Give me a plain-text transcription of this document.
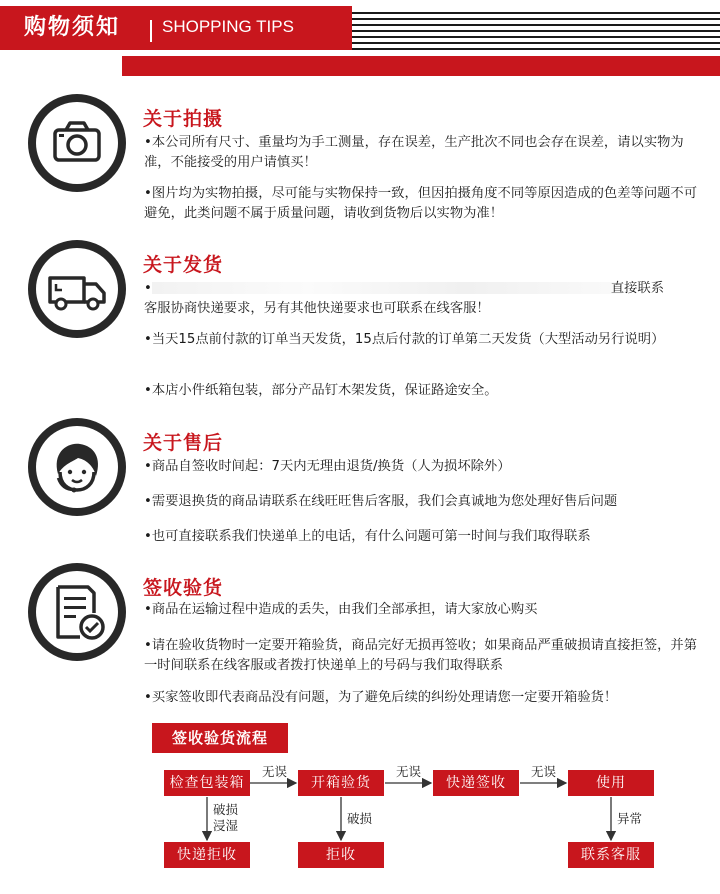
购物须知 SHOPPING TIPS
关于拍摄
•本公司所有尺寸、重量均为手工测量，存在误差，生产批次不同也会存在误差，请以实物为准，不能接受的用户请慎买！
•图片均为实物拍摄，尽可能与实物保持一致，但因拍摄角度不同等原因造成的色差等问题不可避免，此类问题不属于质量问题，请收到货物后以实物为准！
关于发货
•	直接联系
客服协商快递要求，另有其他快递要求也可联系在线客服！
•当天15点前付款的订单当天发货，15点后付款的订单第二天发货（大型活动另行说明）
•本店小件纸箱包装，部分产品钉木架发货，保证路途安全。
关于售后
•商品自签收时间起：7天内无理由退货/换货（人为损坏除外）
•需要退换货的商品请联系在线旺旺售后客服，我们会真诚地为您处理好售后问题
•也可直接联系我们快递单上的电话，有什么问题可第一时间与我们取得联系
签收验货
•商品在运输过程中造成的丢失，由我们全部承担，请大家放心购买
•请在验收货物时一定要开箱验货，商品完好无损再签收；如果商品严重破损请直接拒签，并第一时间联系在线客服或者拨打快递单上的号码与我们取得联系
•买家签收即代表商品没有问题，为了避免后续的纠纷处理请您一定要开箱验货！
签收验货流程
检查包装箱	开箱验货	快递签收	使用
无误	无误	无误
破损
浸湿	破损	异常
快递拒收	拒收	联系客服
